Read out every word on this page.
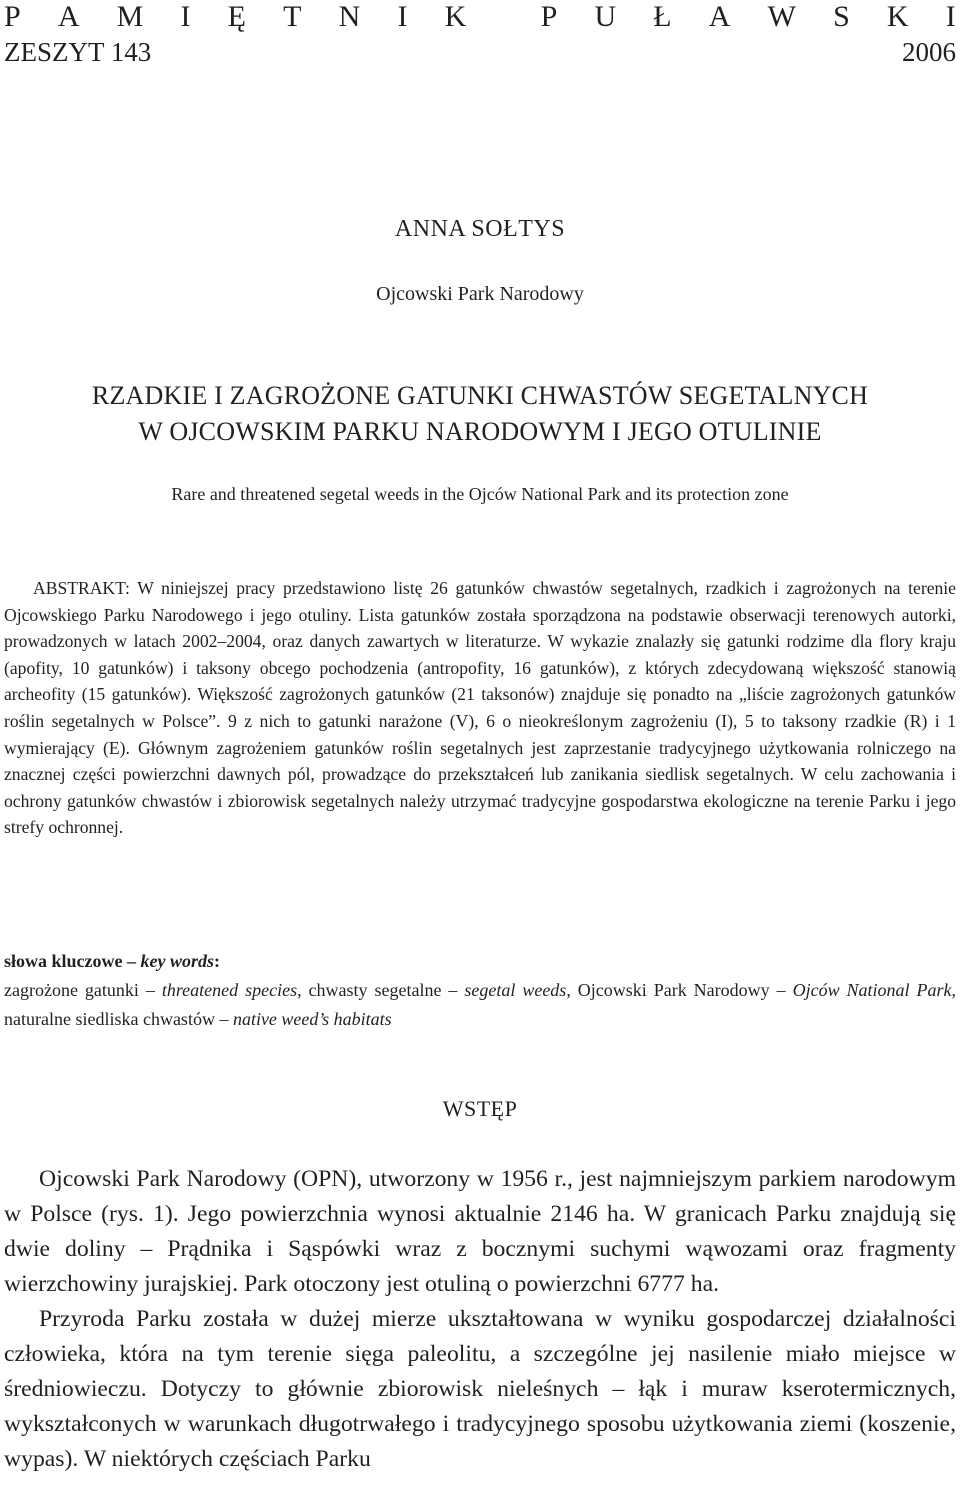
P A M I Ę T N I K P U Ł A W S K I
ZESZYT 143	2006
ANNA SOŁTYS
Ojcowski Park Narodowy
RZADKIE I ZAGROŻONE GATUNKI CHWASTÓW SEGETALNYCH
W OJCOWSKIM PARKU NARODOWYM I JEGO OTULINIE
Rare and threatened segetal weeds in the Ojców National Park and its protection zone

ABSTRAKT: W niniejszej pracy przedstawiono listę 26 gatunków chwastów segetalnych, rzadkich i zagrożonych na terenie Ojcowskiego Parku Narodowego i jego otuliny. Lista gatunków została sporządzona na podstawie obserwacji terenowych autorki, prowadzonych w latach 2002–2004, oraz danych zawartych w literaturze. W wykazie znalazły się gatunki rodzime dla flory kraju (apofity, 10 gatunków) i taksony obcego pochodzenia (antropofity, 16 gatunków), z których zdecydowaną większość stanowią archeofity (15 gatunków). Większość zagrożonych gatunków (21 taksonów) znajduje się ponadto na „liście zagrożonych gatunków roślin segetalnych w Polsce”. 9 z nich to gatunki narażone (V), 6 o nieokreślonym zagrożeniu (I), 5 to taksony rzadkie (R) i 1 wymierający (E). Głównym zagrożeniem gatunków roślin segetalnych jest zaprzestanie tradycyjnego użytkowania rolniczego na znacznej części powierzchni dawnych pól, prowadzące do przekształceń lub zanikania siedlisk segetalnych. W celu zachowania i ochrony gatunków chwastów i zbiorowisk segetalnych należy utrzymać tradycyjne gospodarstwa ekologiczne na terenie Parku i jego strefy ochronnej.

słowa kluczowe – key words:

zagrożone gatunki – threatened species, chwasty segetalne – segetal weeds, Ojcowski Park Narodowy – Ojców National Park, naturalne siedliska chwastów – native weed’s habitats

WSTĘP

Ojcowski Park Narodowy (OPN), utworzony w 1956 r., jest najmniejszym parkiem narodowym w Polsce (rys. 1). Jego powierzchnia wynosi aktualnie 2146 ha. W granicach Parku znajdują się dwie doliny – Prądnika i Sąspówki wraz z bocznymi suchymi wąwozami oraz fragmenty wierzchowiny jurajskiej. Park otoczony jest otuliną o powierzchni 6777 ha.

Przyroda Parku została w dużej mierze ukształtowana w wyniku gospodarczej działalności człowieka, która na tym terenie sięga paleolitu, a szczególne jej nasilenie miało miejsce w średniowieczu. Dotyczy to głównie zbiorowisk nieleśnych – łąk i muraw kserotermicznych, wykształconych w warunkach długotrwałego i tradycyjnego sposobu użytkowania ziemi (koszenie, wypas). W niektórych częściach Parku
